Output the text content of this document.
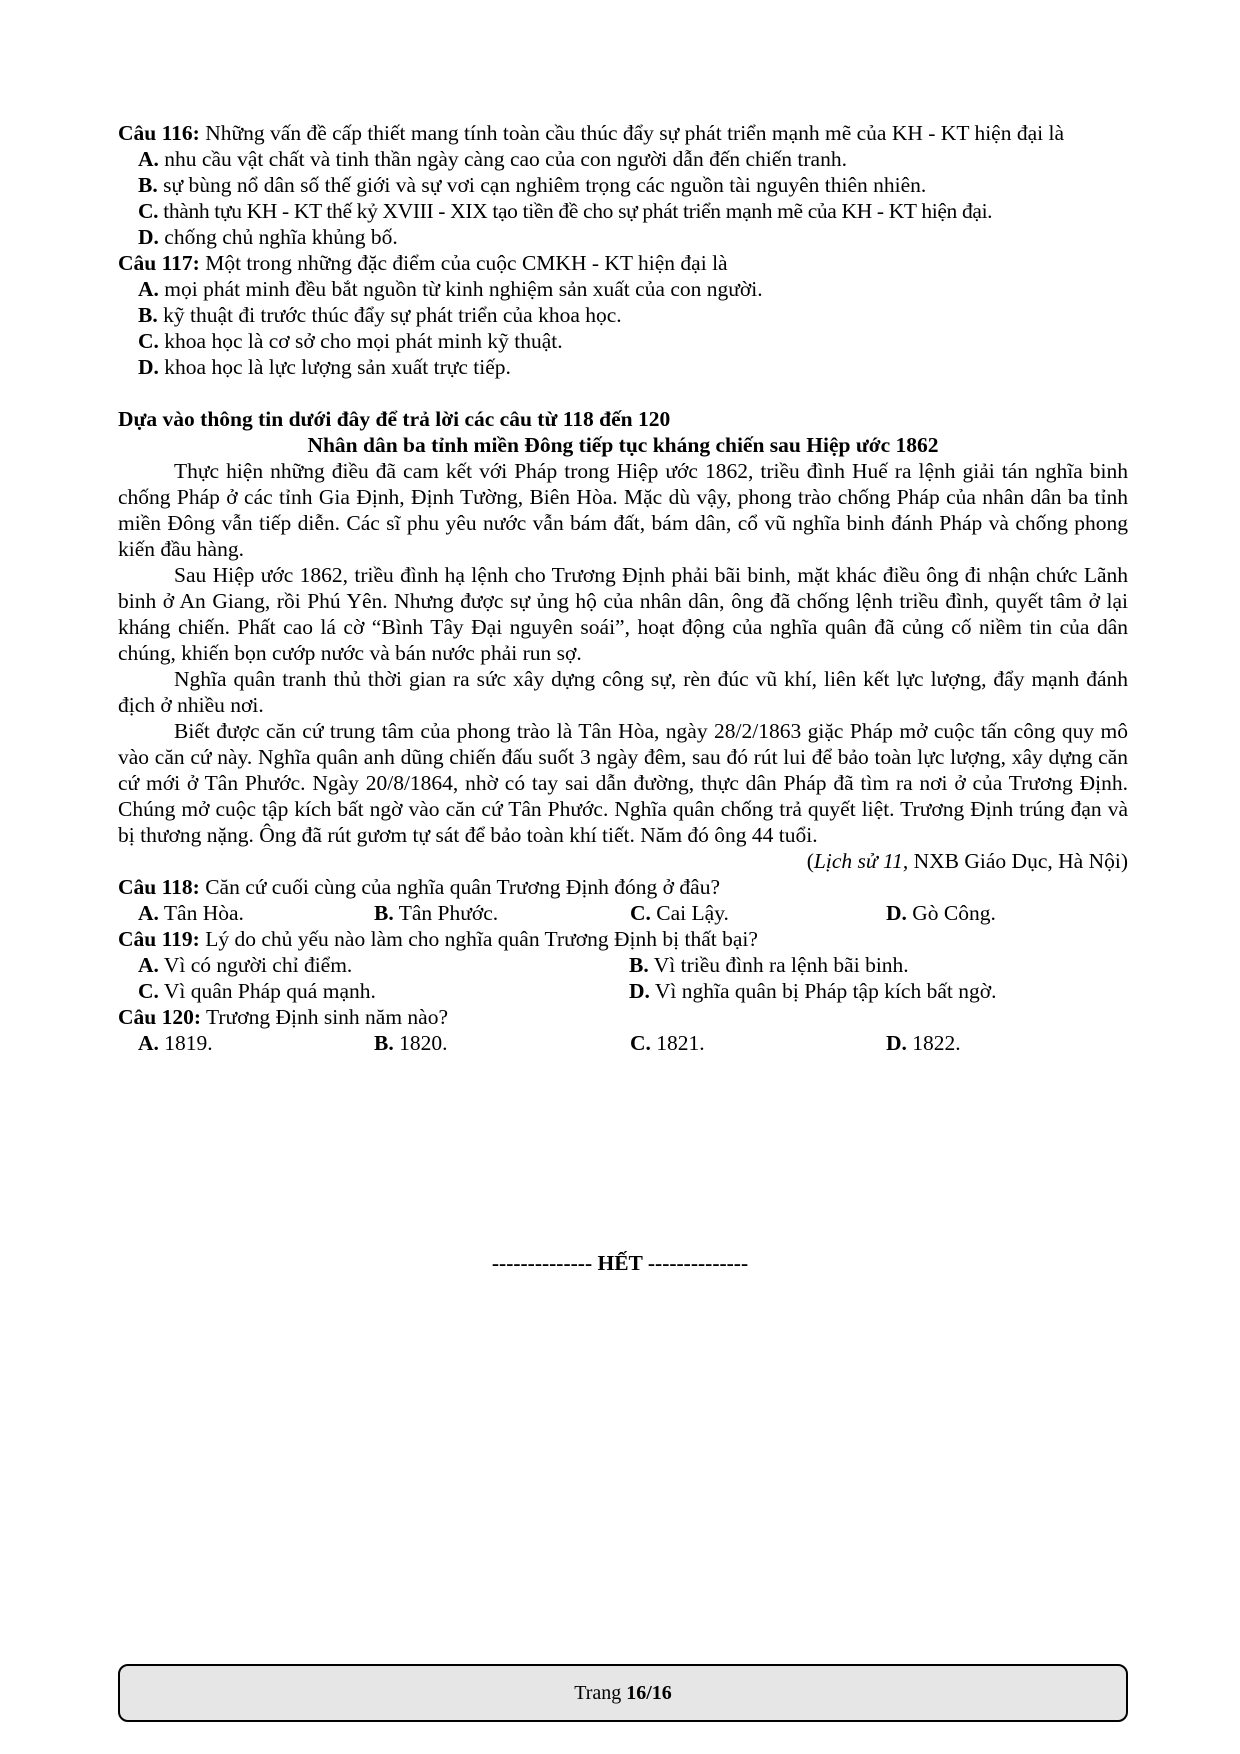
Câu 116: Những vấn đề cấp thiết mang tính toàn cầu thúc đẩy sự phát triển mạnh mẽ của KH - KT hiện đại là

A. nhu cầu vật chất và tinh thần ngày càng cao của con người dẫn đến chiến tranh.

B. sự bùng nổ dân số thế giới và sự vơi cạn nghiêm trọng các nguồn tài nguyên thiên nhiên.

C. thành tựu KH - KT thế kỷ XVIII - XIX tạo tiền đề cho sự phát triển mạnh mẽ của KH - KT hiện đại.

D. chống chủ nghĩa khủng bố.

Câu 117: Một trong những đặc điểm của cuộc CMKH - KT hiện đại là

A. mọi phát minh đều bắt nguồn từ kinh nghiệm sản xuất của con người.

B. kỹ thuật đi trước thúc đẩy sự phát triển của khoa học.

C. khoa học là cơ sở cho mọi phát minh kỹ thuật.

D. khoa học là lực lượng sản xuất trực tiếp.

Dựa vào thông tin dưới đây để trả lời các câu từ 118 đến 120

Nhân dân ba tỉnh miền Đông tiếp tục kháng chiến sau Hiệp ước 1862

Thực hiện những điều đã cam kết với Pháp trong Hiệp ước 1862, triều đình Huế ra lệnh giải tán nghĩa binh chống Pháp ở các tỉnh Gia Định, Định Tường, Biên Hòa. Mặc dù vậy, phong trào chống Pháp của nhân dân ba tỉnh miền Đông vẫn tiếp diễn. Các sĩ phu yêu nước vẫn bám đất, bám dân, cổ vũ nghĩa binh đánh Pháp và chống phong kiến đầu hàng.

Sau Hiệp ước 1862, triều đình hạ lệnh cho Trương Định phải bãi binh, mặt khác điều ông đi nhận chức Lãnh binh ở An Giang, rồi Phú Yên. Nhưng được sự ủng hộ của nhân dân, ông đã chống lệnh triều đình, quyết tâm ở lại kháng chiến. Phất cao lá cờ “Bình Tây Đại nguyên soái”, hoạt động của nghĩa quân đã củng cố niềm tin của dân chúng, khiến bọn cướp nước và bán nước phải run sợ.

Nghĩa quân tranh thủ thời gian ra sức xây dựng công sự, rèn đúc vũ khí, liên kết lực lượng, đẩy mạnh đánh địch ở nhiều nơi.

Biết được căn cứ trung tâm của phong trào là Tân Hòa, ngày 28/2/1863 giặc Pháp mở cuộc tấn công quy mô vào căn cứ này. Nghĩa quân anh dũng chiến đấu suốt 3 ngày đêm, sau đó rút lui để bảo toàn lực lượng, xây dựng căn cứ mới ở Tân Phước. Ngày 20/8/1864, nhờ có tay sai dẫn đường, thực dân Pháp đã tìm ra nơi ở của Trương Định. Chúng mở cuộc tập kích bất ngờ vào căn cứ Tân Phước. Nghĩa quân chống trả quyết liệt. Trương Định trúng đạn và bị thương nặng. Ông đã rút gươm tự sát để bảo toàn khí tiết. Năm đó ông 44 tuổi.

(Lịch sử 11, NXB Giáo Dục, Hà Nội)

Câu 118: Căn cứ cuối cùng của nghĩa quân Trương Định đóng ở đâu?

A. Tân Hòa.	B. Tân Phước.	C. Cai Lậy.	D. Gò Công.

Câu 119: Lý do chủ yếu nào làm cho nghĩa quân Trương Định bị thất bại?

A. Vì có người chỉ điểm.	B. Vì triều đình ra lệnh bãi binh.
C. Vì quân Pháp quá mạnh.	D. Vì nghĩa quân bị Pháp tập kích bất ngờ.

Câu 120: Trương Định sinh năm nào?

A. 1819.	B. 1820.	C. 1821.	D. 1822.
-------------- HẾT --------------
Trang 16/16
